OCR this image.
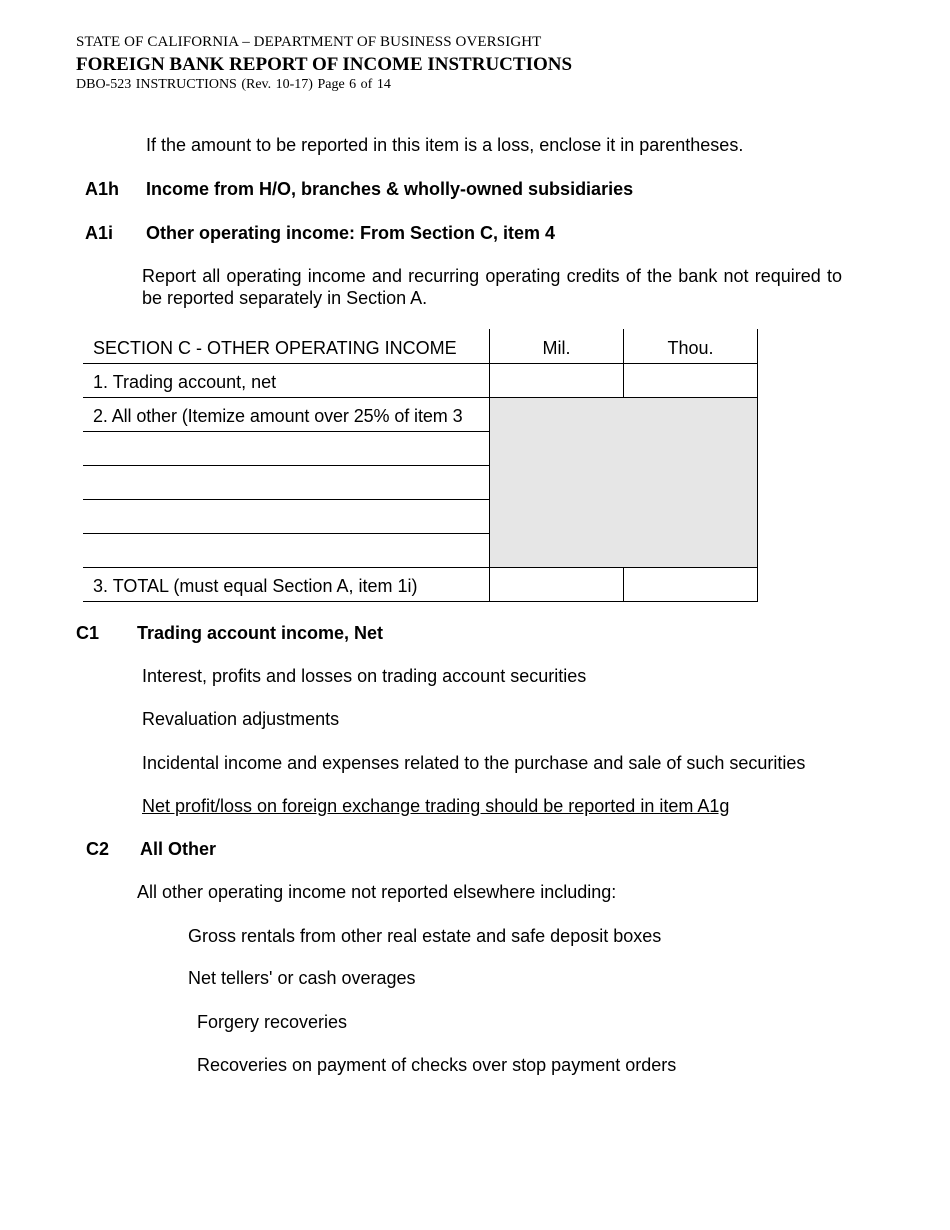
STATE OF CALIFORNIA – DEPARTMENT OF BUSINESS OVERSIGHT
FOREIGN BANK REPORT OF INCOME INSTRUCTIONS
DBO-523 INSTRUCTIONS (Rev. 10-17) Page 6 of 14
If the amount to be reported in this item is a loss, enclose it in parentheses.
A1h Income from H/O, branches & wholly-owned subsidiaries
A1i Other operating income: From Section C, item 4
Report all operating income and recurring operating credits of the bank not required to
be reported separately in Section A.
SECTION C - OTHER OPERATING INCOME	Mil.	Thou.
1. Trading account, net
2. All other (Itemize amount over 25% of item 3
3. TOTAL (must equal Section A, item 1i)
C1 Trading account income, Net
Interest, profits and losses on trading account securities
Revaluation adjustments
Incidental income and expenses related to the purchase and sale of such securities
Net profit/loss on foreign exchange trading should be reported in item A1g
C2 All Other
All other operating income not reported elsewhere including:
Gross rentals from other real estate and safe deposit boxes
Net tellers' or cash overages
Forgery recoveries
Recoveries on payment of checks over stop payment orders
